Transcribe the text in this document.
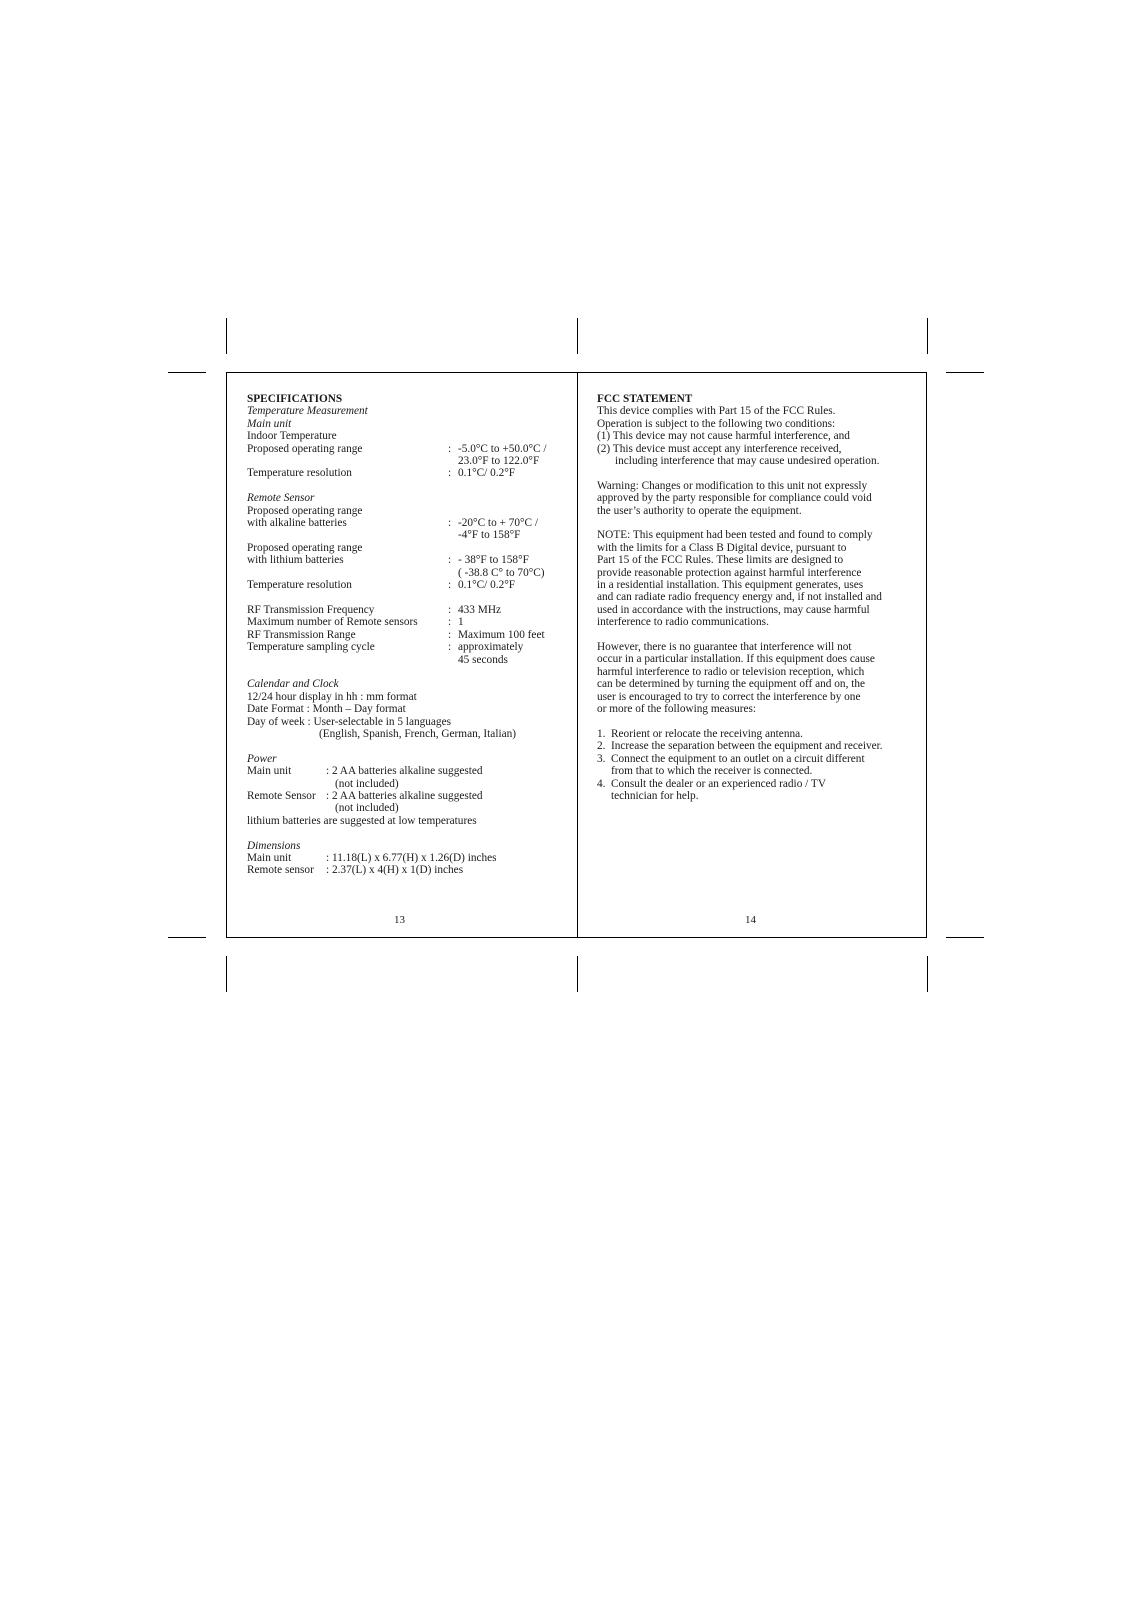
SPECIFICATIONS
Temperature Measurement
Main unit
Indoor Temperature
Proposed operating range	: -5.0°C to +50.0°C /
23.0°F to 122.0°F
Temperature resolution	: 0.1°C/ 0.2°F
Remote Sensor
Proposed operating range
with alkaline batteries	: -20°C to + 70°C /
-4°F to 158°F
Proposed operating range
with lithium batteries	: - 38°F to 158°F
( -38.8 C° to 70°C)
Temperature resolution	: 0.1°C/ 0.2°F
RF Transmission Frequency	: 433 MHz
Maximum number of Remote sensors	: 1
RF Transmission Range	: Maximum 100 feet
Temperature sampling cycle	: approximately
45 seconds
Calendar and Clock
12/24 hour display in hh : mm format
Date Format : Month – Day format
Day of week : User-selectable in 5 languages
(English, Spanish, French, German, Italian)
Power
Main unit	: 2 AA batteries alkaline suggested
(not included)
Remote Sensor : 2 AA batteries alkaline suggested
(not included)
lithium batteries are suggested at low temperatures
Dimensions
Main unit	: 11.18(L) x 6.77(H) x 1.26(D) inches
Remote sensor	: 2.37(L) x 4(H) x 1(D) inches
13
FCC STATEMENT
This device complies with Part 15 of the FCC Rules.
Operation is subject to the following two conditions:
(1) This device may not cause harmful interference, and
(2) This device must accept any interference received,
including interference that may cause undesired operation.
Warning: Changes or modification to this unit not expressly
approved by the party responsible for compliance could void
the user’s authority to operate the equipment.
NOTE: This equipment had been tested and found to comply
with the limits for a Class B Digital device, pursuant to
Part 15 of the FCC Rules. These limits are designed to
provide reasonable protection against harmful interference
in a residential installation. This equipment generates, uses
and can radiate radio frequency energy and, if not installed and
used in accordance with the instructions, may cause harmful
interference to radio communications.
However, there is no guarantee that interference will not
occur in a particular installation. If this equipment does cause
harmful interference to radio or television reception, which
can be determined by turning the equipment off and on, the
user is encouraged to try to correct the interference by one
or more of the following measures:
1. Reorient or relocate the receiving antenna.
2. Increase the separation between the equipment and receiver.
3. Connect the equipment to an outlet on a circuit different
from that to which the receiver is connected.
4. Consult the dealer or an experienced radio / TV
technician for help.
14
